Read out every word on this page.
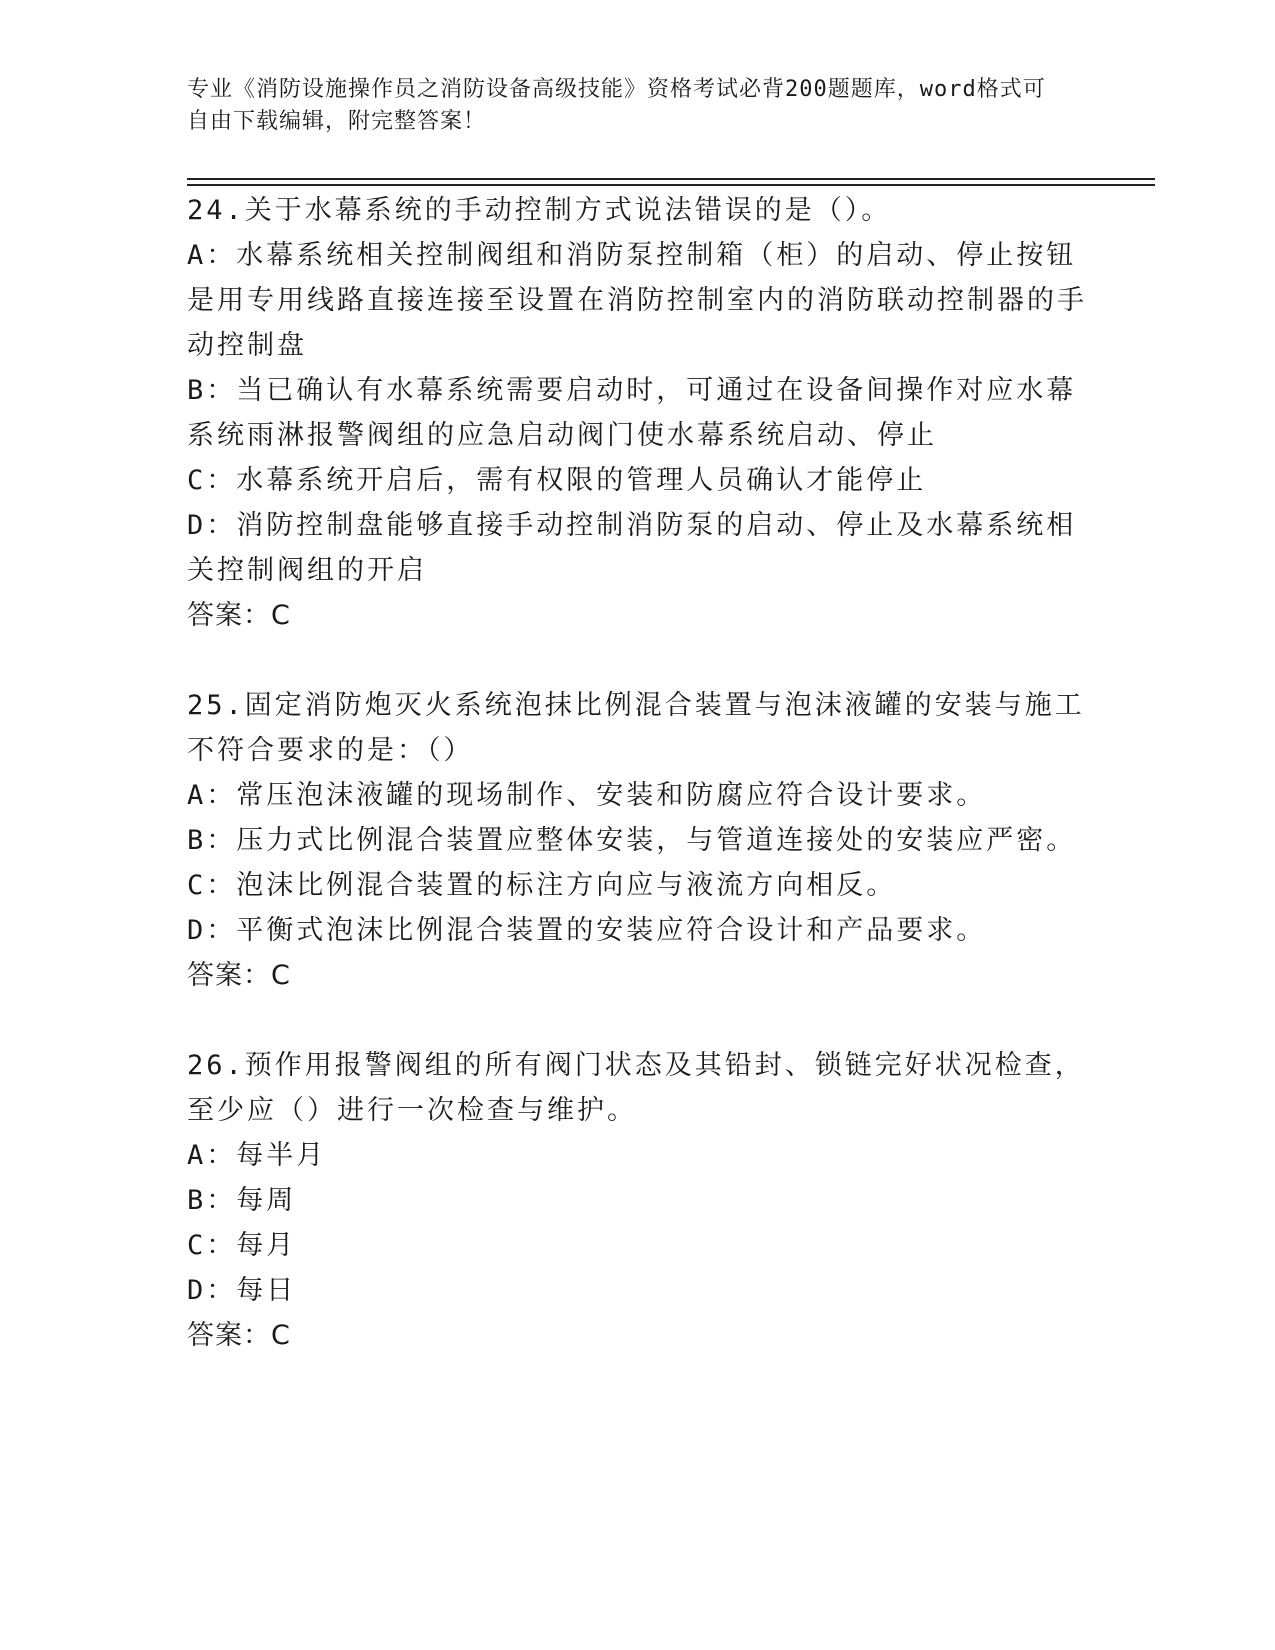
专业《消防设施操作员之消防设备高级技能》资格考试必背200题题库，word格式可自由下载编辑，附完整答案！

24.关于水幕系统的手动控制方式说法错误的是（）。

A：水幕系统相关控制阀组和消防泵控制箱（柜）的启动、停止按钮是用专用线路直接连接至设置在消防控制室内的消防联动控制器的手动控制盘

B：当已确认有水幕系统需要启动时，可通过在设备间操作对应水幕系统雨淋报警阀组的应急启动阀门使水幕系统启动、停止

C：水幕系统开启后，需有权限的管理人员确认才能停止

D：消防控制盘能够直接手动控制消防泵的启动、停止及水幕系统相关控制阀组的开启

答案：C

25.固定消防炮灭火系统泡抹比例混合装置与泡沫液罐的安装与施工不符合要求的是：（）

A：常压泡沫液罐的现场制作、安装和防腐应符合设计要求。

B：压力式比例混合装置应整体安装，与管道连接处的安装应严密。

C：泡沫比例混合装置的标注方向应与液流方向相反。

D：平衡式泡沫比例混合装置的安装应符合设计和产品要求。

答案：C

26.预作用报警阀组的所有阀门状态及其铅封、锁链完好状况检查，至少应（）进行一次检查与维护。

A：每半月

B：每周

C：每月

D：每日

答案：C
